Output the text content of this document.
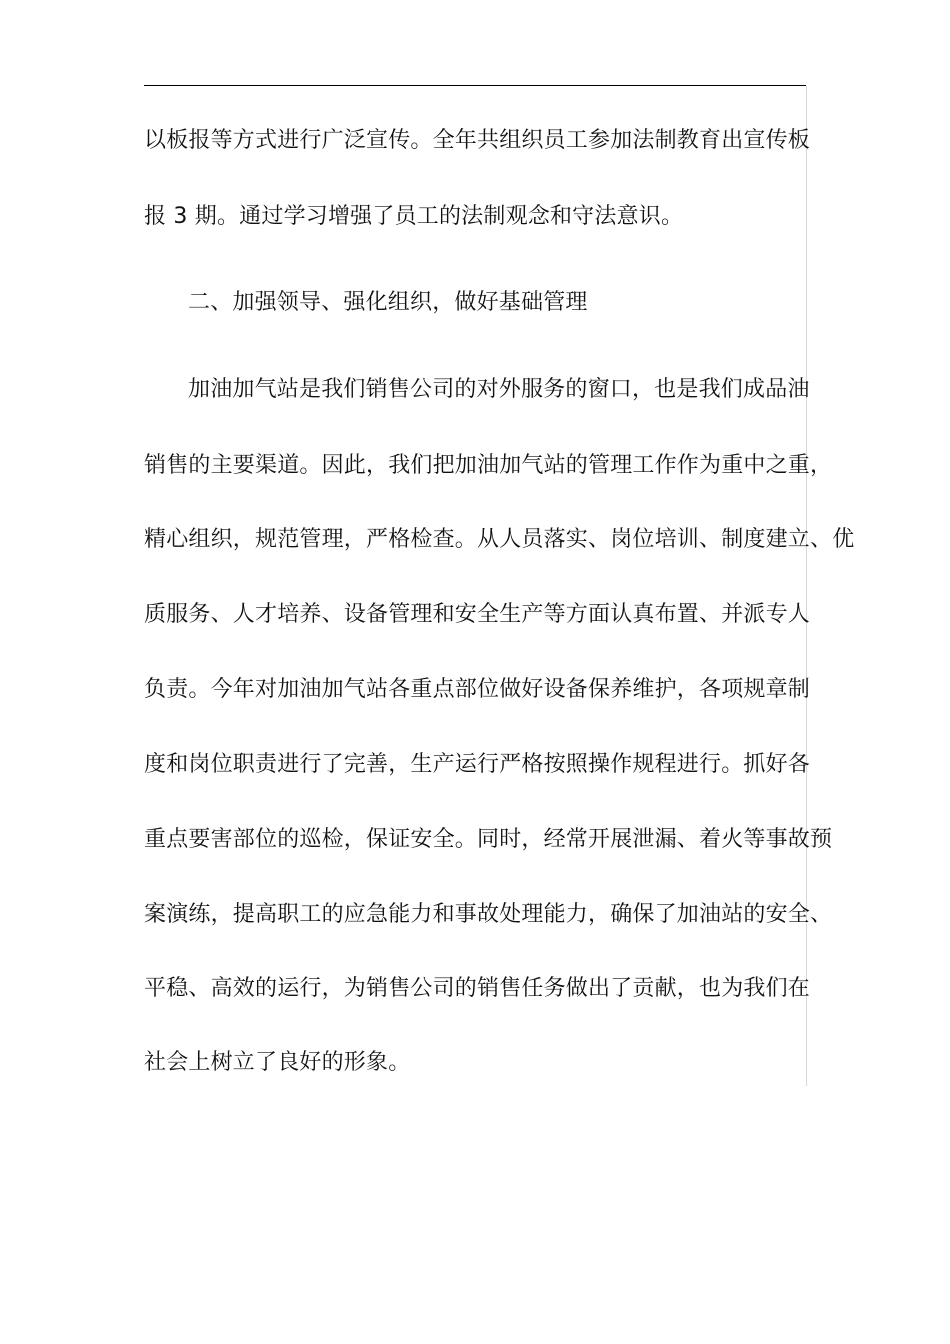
以板报等方式进行广泛宣传。全年共组织员工参加法制教育出宣传板
报 3 期。通过学习增强了员工的法制观念和守法意识。
二、加强领导、强化组织，做好基础管理
加油加气站是我们销售公司的对外服务的窗口，也是我们成品油
销售的主要渠道。因此，我们把加油加气站的管理工作作为重中之重，
精心组织，规范管理，严格检查。从人员落实、岗位培训、制度建立、优
质服务、人才培养、设备管理和安全生产等方面认真布置、并派专人
负责。今年对加油加气站各重点部位做好设备保养维护，各项规章制
度和岗位职责进行了完善，生产运行严格按照操作规程进行。抓好各
重点要害部位的巡检，保证安全。同时，经常开展泄漏、着火等事故预
案演练，提高职工的应急能力和事故处理能力，确保了加油站的安全、
平稳、高效的运行，为销售公司的销售任务做出了贡献，也为我们在
社会上树立了良好的形象。
